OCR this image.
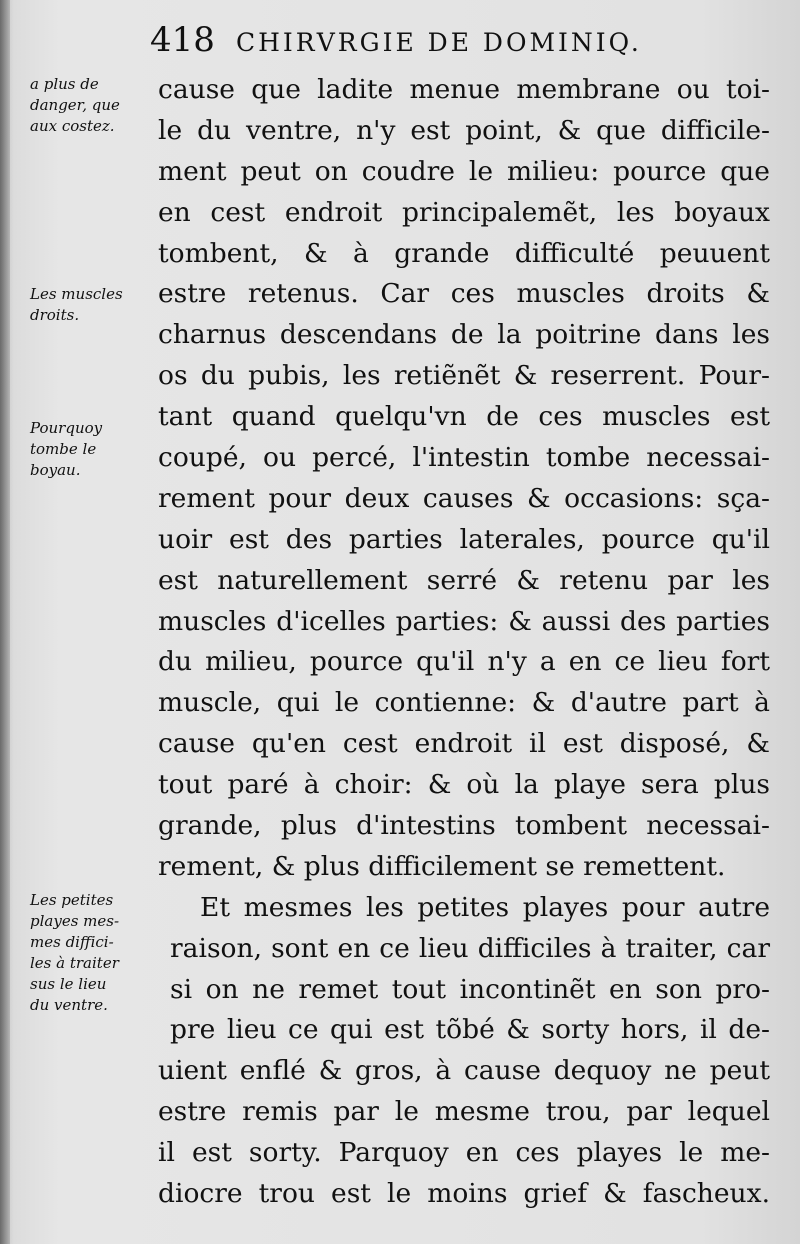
418 CHIRVRGIE DE DOMINIQ.
a plus de
danger, que
aux costez.
Les muscles
droits.
Pourquoy
tombe le
boyau.
Les petites
playes mes-
mes diffici-
les à traiter
sus le lieu
du ventre.
cause que ladite menue membrane ou toi-
le du ventre, n'y est point, & que difficile-
ment peut on coudre le milieu: pource que
en cest endroit principalemẽt, les boyaux
tombent, & à grande difficulté peuuent
estre retenus. Car ces muscles droits &
charnus descendans de la poitrine dans les
os du pubis, les retiẽnẽt & reserrent. Pour-
tant quand quelqu'vn de ces muscles est
coupé, ou percé, l'intestin tombe necessai-
rement pour deux causes & occasions: sça-
uoir est des parties laterales, pource qu'il
est naturellement serré & retenu par les
muscles d'icelles parties: & aussi des parties
du milieu, pource qu'il n'y a en ce lieu fort
muscle, qui le contienne: & d'autre part à
cause qu'en cest endroit il est disposé, &
tout paré à choir: & où la playe sera plus
grande, plus d'intestins tombent necessai-
rement, & plus difficilement se remettent.
Et mesmes les petites playes pour autre
raison, sont en ce lieu difficiles à traiter, car
si on ne remet tout incontinẽt en son pro-
pre lieu ce qui est tõbé & sorty hors, il de-
uient enflé & gros, à cause dequoy ne peut
estre remis par le mesme trou, par lequel
il est sorty. Parquoy en ces playes le me-
diocre trou est le moins grief & fascheux.
